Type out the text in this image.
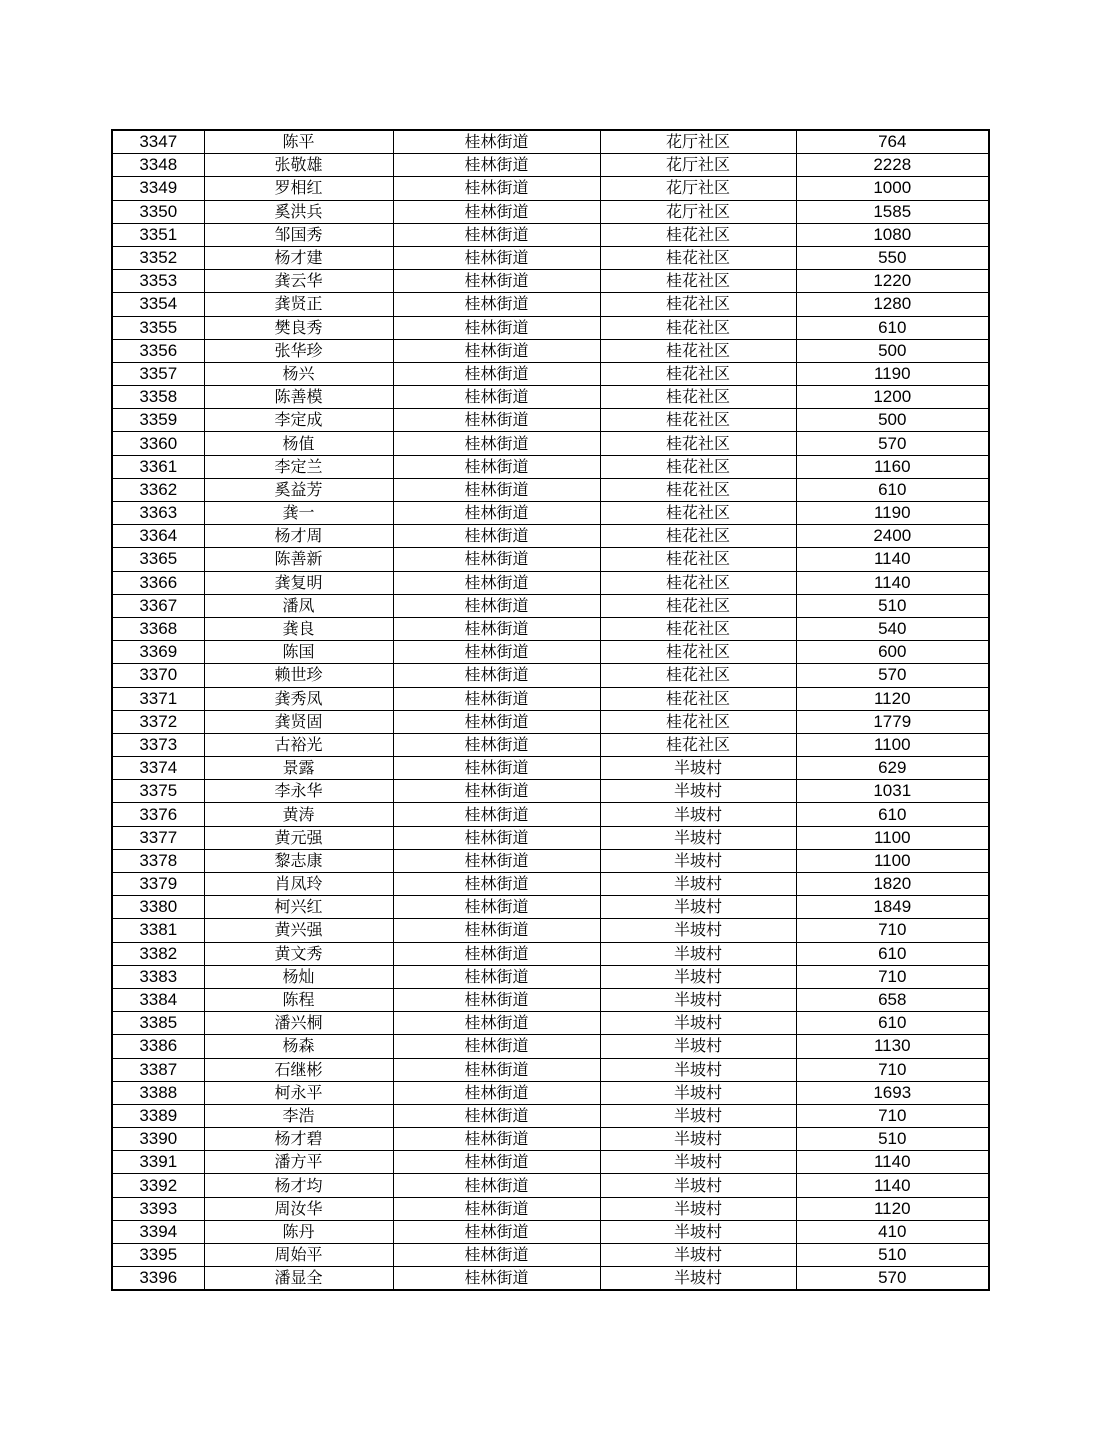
3347	陈平	桂林街道	花厅社区	764
3348	张敬雄	桂林街道	花厅社区	2228
3349	罗相红	桂林街道	花厅社区	1000
3350	奚洪兵	桂林街道	花厅社区	1585
3351	邹国秀	桂林街道	桂花社区	1080
3352	杨才建	桂林街道	桂花社区	550
3353	龚云华	桂林街道	桂花社区	1220
3354	龚贤正	桂林街道	桂花社区	1280
3355	樊良秀	桂林街道	桂花社区	610
3356	张华珍	桂林街道	桂花社区	500
3357	杨兴	桂林街道	桂花社区	1190
3358	陈善模	桂林街道	桂花社区	1200
3359	李定成	桂林街道	桂花社区	500
3360	杨值	桂林街道	桂花社区	570
3361	李定兰	桂林街道	桂花社区	1160
3362	奚益芳	桂林街道	桂花社区	610
3363	龚一	桂林街道	桂花社区	1190
3364	杨才周	桂林街道	桂花社区	2400
3365	陈善新	桂林街道	桂花社区	1140
3366	龚复明	桂林街道	桂花社区	1140
3367	潘凤	桂林街道	桂花社区	510
3368	龚良	桂林街道	桂花社区	540
3369	陈国	桂林街道	桂花社区	600
3370	赖世珍	桂林街道	桂花社区	570
3371	龚秀凤	桂林街道	桂花社区	1120
3372	龚贤固	桂林街道	桂花社区	1779
3373	古裕光	桂林街道	桂花社区	1100
3374	景露	桂林街道	半坡村	629
3375	李永华	桂林街道	半坡村	1031
3376	黄涛	桂林街道	半坡村	610
3377	黄元强	桂林街道	半坡村	1100
3378	黎志康	桂林街道	半坡村	1100
3379	肖凤玲	桂林街道	半坡村	1820
3380	柯兴红	桂林街道	半坡村	1849
3381	黄兴强	桂林街道	半坡村	710
3382	黄文秀	桂林街道	半坡村	610
3383	杨灿	桂林街道	半坡村	710
3384	陈程	桂林街道	半坡村	658
3385	潘兴桐	桂林街道	半坡村	610
3386	杨森	桂林街道	半坡村	1130
3387	石继彬	桂林街道	半坡村	710
3388	柯永平	桂林街道	半坡村	1693
3389	李浩	桂林街道	半坡村	710
3390	杨才碧	桂林街道	半坡村	510
3391	潘方平	桂林街道	半坡村	1140
3392	杨才均	桂林街道	半坡村	1140
3393	周汝华	桂林街道	半坡村	1120
3394	陈丹	桂林街道	半坡村	410
3395	周始平	桂林街道	半坡村	510
3396	潘显全	桂林街道	半坡村	570
